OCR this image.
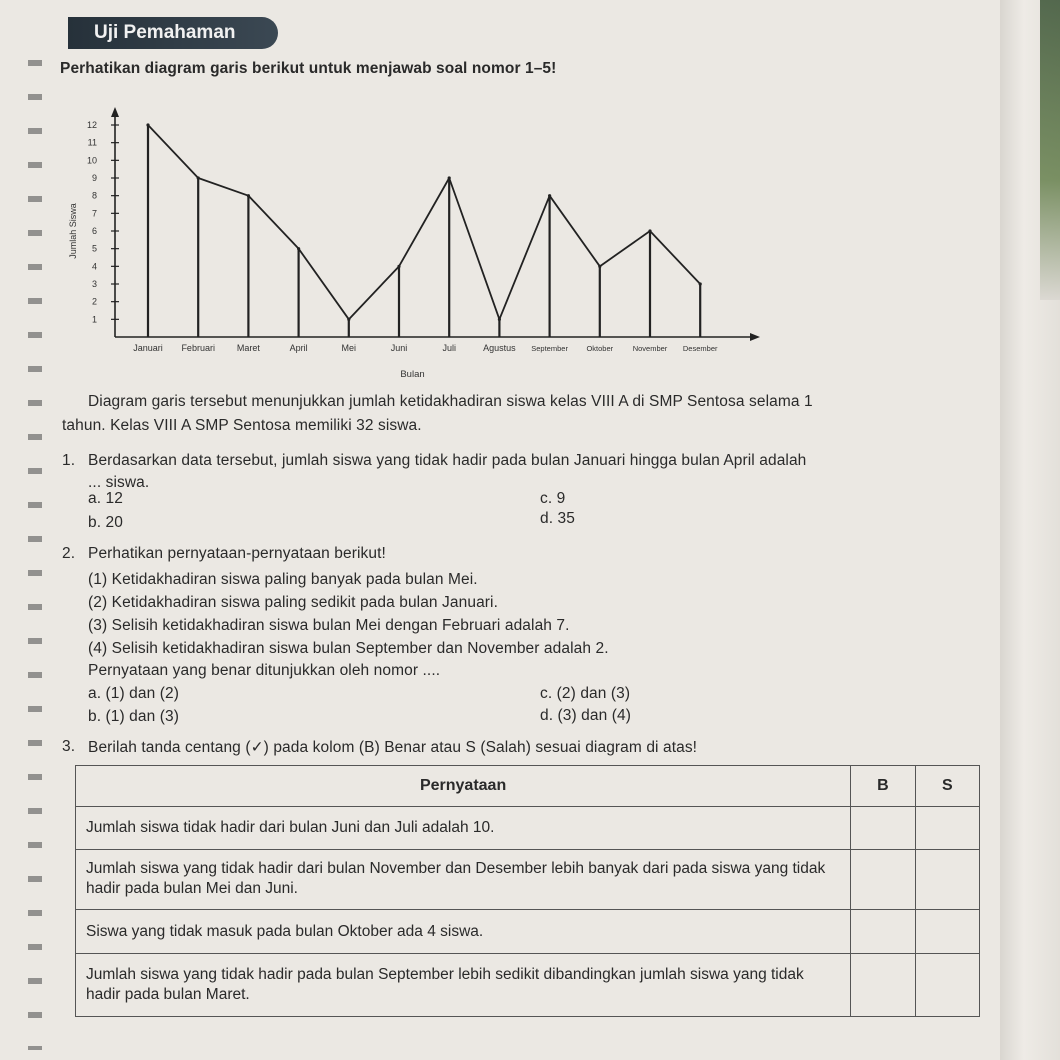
Uji Pemahaman
Perhatikan diagram garis berikut untuk menjawab soal nomor 1–5!
1
2
3
4
5
6
7
8
9
10
11
12
Jumlah Siswa
Bulan
Januari Februari Maret	April	Mei	Juni	Juli	Agustus September Oktober	November Desember
Diagram garis tersebut menunjukkan jumlah ketidakhadiran siswa kelas VIII A di SMP Sentosa selama 1
tahun. Kelas VIII A SMP Sentosa memiliki 32 siswa.
1. Berdasarkan data tersebut, jumlah siswa yang tidak hadir pada bulan Januari hingga bulan April adalah
... siswa.
a. 12
b. 20
c. 9
d. 35
2. Perhatikan pernyataan-pernyataan berikut!
(1) Ketidakhadiran siswa paling banyak pada bulan Mei.
(2) Ketidakhadiran siswa paling sedikit pada bulan Januari.
(3) Selisih ketidakhadiran siswa bulan Mei dengan Februari adalah 7.
(4) Selisih ketidakhadiran siswa bulan September dan November adalah 2.
Pernyataan yang benar ditunjukkan oleh nomor ....
a. (1) dan (2)
b. (1) dan (3)
c. (2) dan (3)
d. (3) dan (4)
3. Berilah tanda centang (✓) pada kolom (B) Benar atau S (Salah) sesuai diagram di atas!
Pernyataan	B	S
Jumlah siswa tidak hadir dari bulan Juni dan Juli adalah 10.		
Jumlah siswa yang tidak hadir dari bulan November dan Desember lebih banyak dari pada siswa yang tidak hadir pada bulan Mei dan Juni.		
Siswa yang tidak masuk pada bulan Oktober ada 4 siswa.		
Jumlah siswa yang tidak hadir pada bulan September lebih sedikit dibandingkan jumlah siswa yang tidak hadir pada bulan Maret.		
